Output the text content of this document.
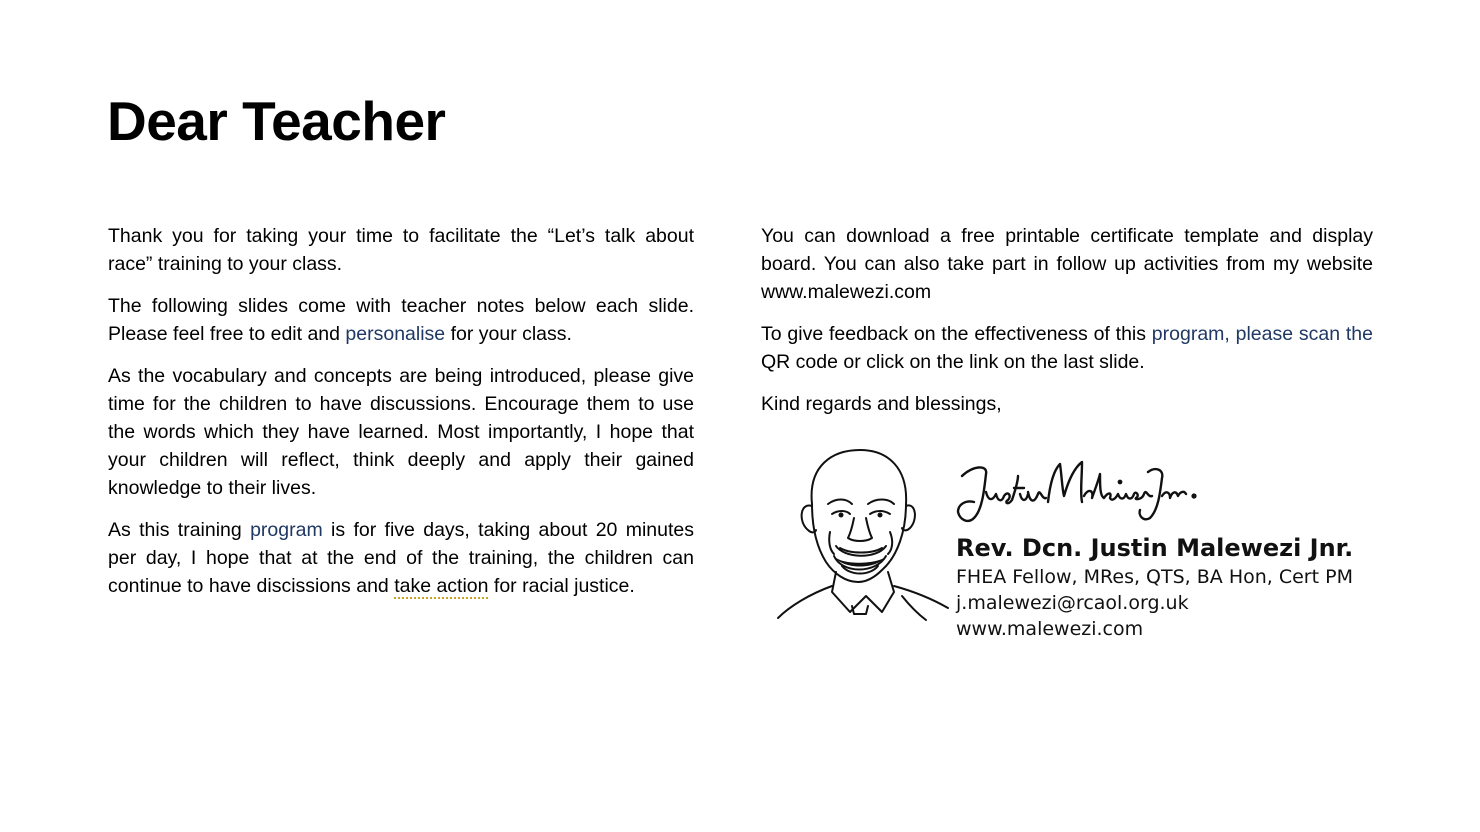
Dear Teacher

Thank you for taking your time to facilitate the “Let’s talk about race” training to your class.

The following slides come with teacher notes below each slide. Please feel free to edit and personalise for your class.

As the vocabulary and concepts are being introduced, please give time for the children to have discussions. Encourage them to use the words which they have learned. Most importantly, I hope that your children will reflect, think deeply and apply their gained knowledge to their lives.

As this training program is for five days, taking about 20 minutes per day, I hope that at the end of the training, the children can continue to have discissions and take action for racial justice.

You can download a free printable certificate template and display board. You can also take part in follow up activities from my website www.malewezi.com

To give feedback on the effectiveness of this program, please scan the QR code or click on the link on the last slide.

Kind regards and blessings,

Rev. Dcn. Justin Malewezi Jnr.
FHEA Fellow, MRes, QTS, BA Hon, Cert PM
j.malewezi@rcaol.org.uk
www.malewezi.com
